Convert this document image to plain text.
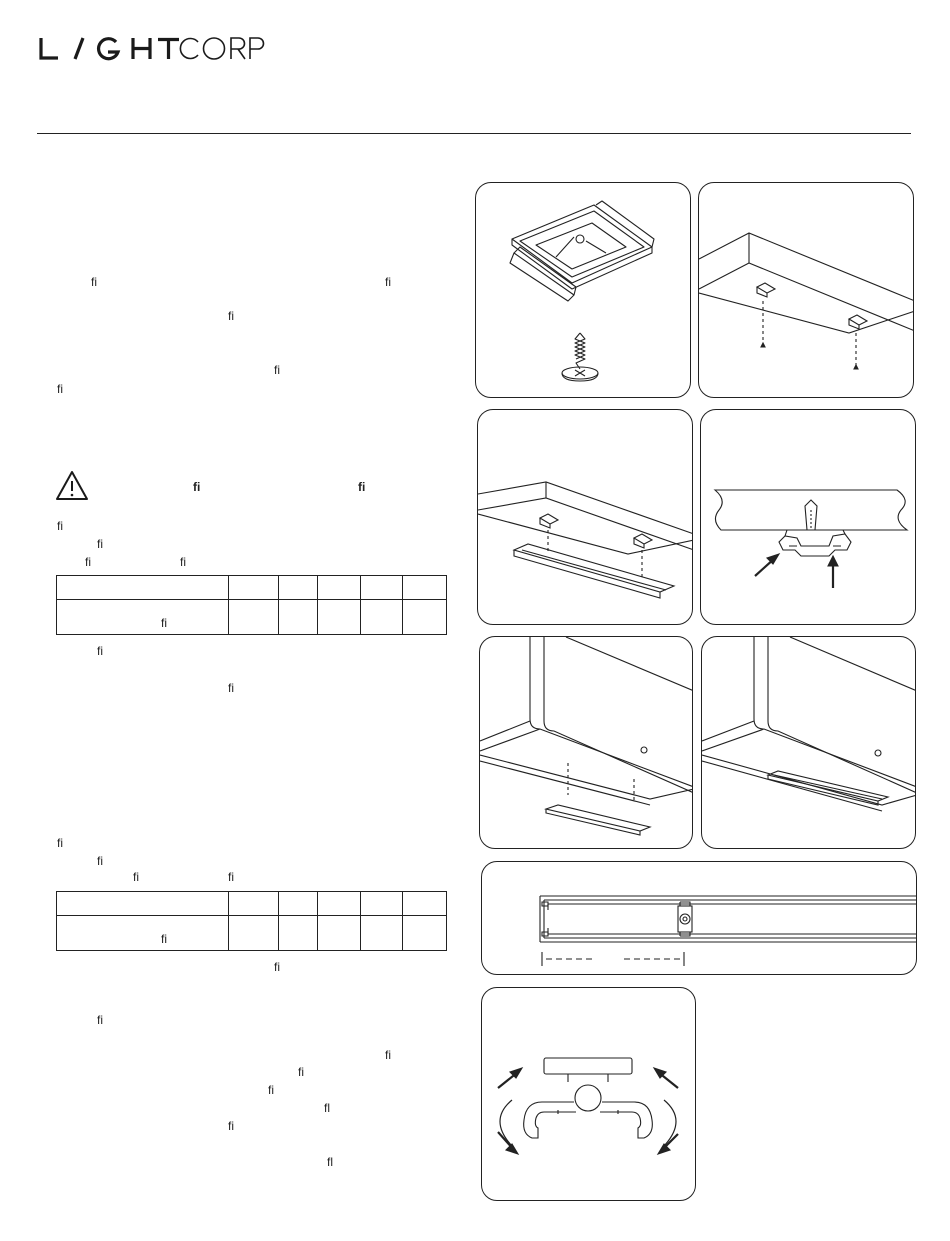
fi	fi
fi
fi
fi
fi	fi
fi
fi
fi	fi

fi					

fi
fi
fi
fi
fi	fi

fi					

fi
fi
fi
fi
fi
fl
fi
fl
